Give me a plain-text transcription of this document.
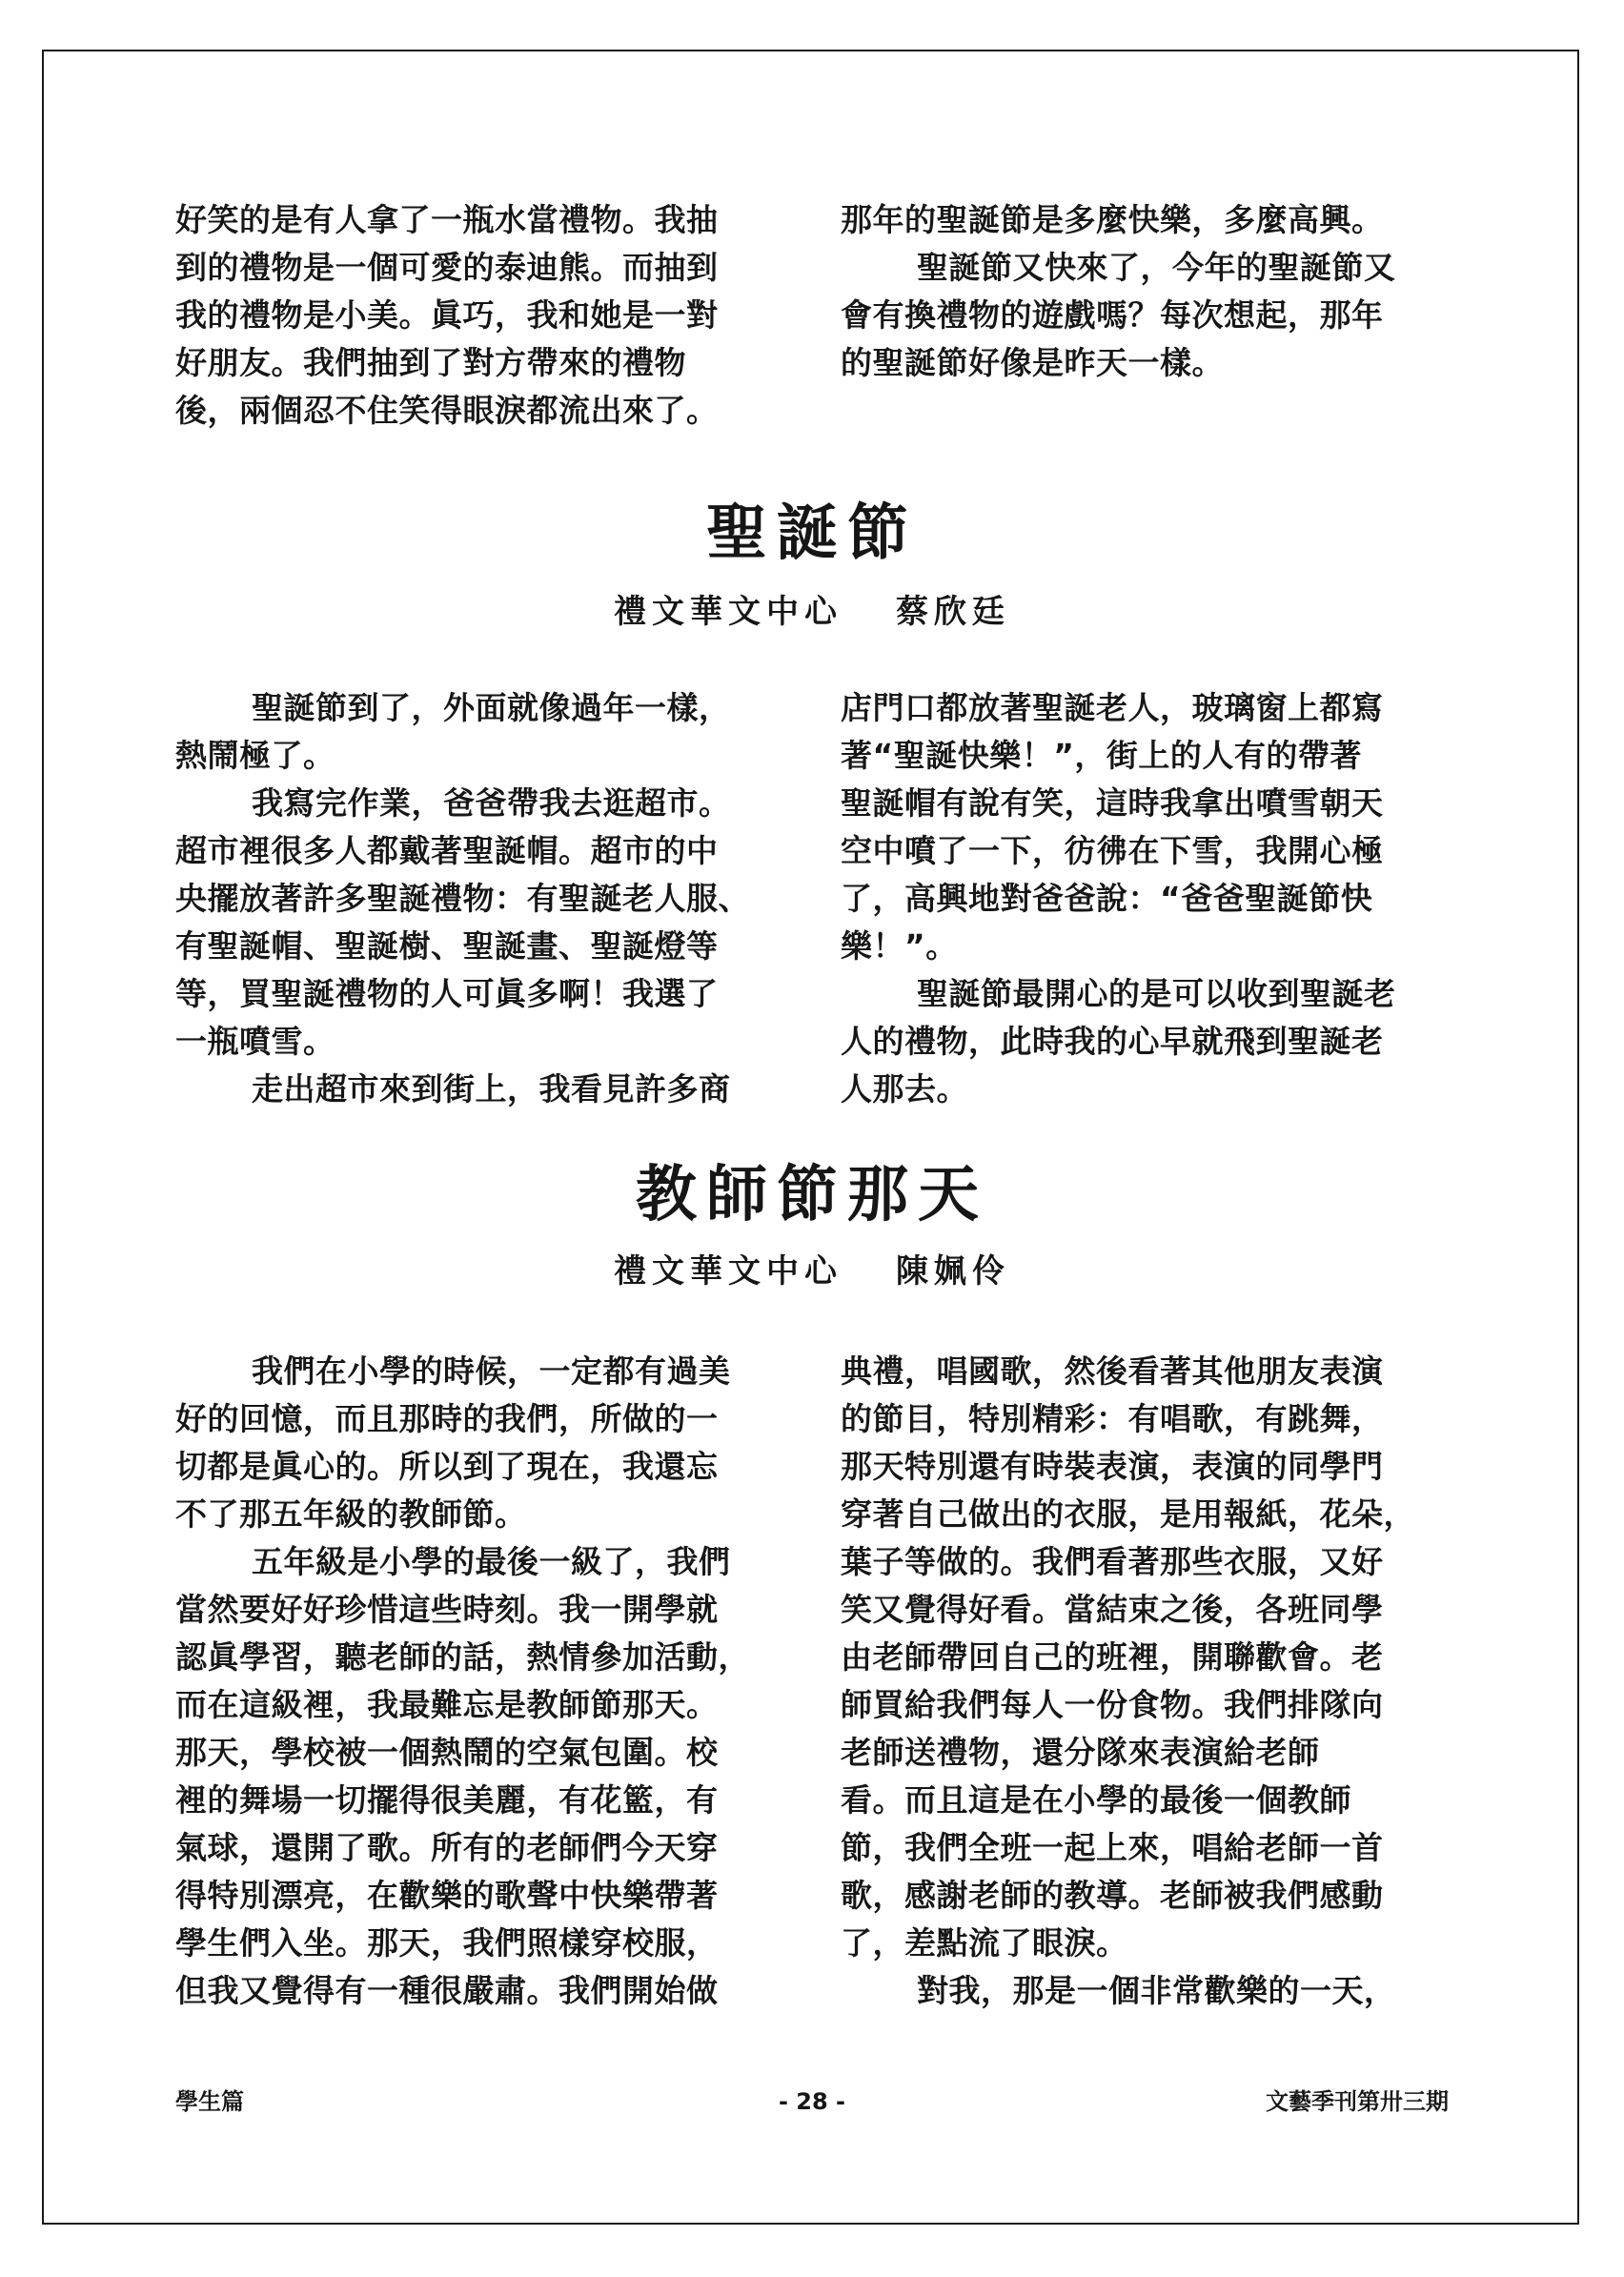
好笑的是有人拿了一瓶水當禮物。我抽
到的禮物是一個可愛的泰迪熊。而抽到
我的禮物是小美。眞巧，我和她是一對
好朋友。我們抽到了對方帶來的禮物
後，兩個忍不住笑得眼淚都流出來了。
那年的聖誕節是多麼快樂，多麼高興。
聖誕節又快來了，今年的聖誕節又
會有換禮物的遊戲嗎？每次想起，那年
的聖誕節好像是昨天一樣。
聖誕節
禮文華文中心 蔡欣廷
聖誕節到了，外面就像過年一樣，
熱鬧極了。
我寫完作業，爸爸帶我去逛超市。
超市裡很多人都戴著聖誕帽。超市的中
央擺放著許多聖誕禮物：有聖誕老人服、
有聖誕帽、聖誕樹、聖誕畫、聖誕燈等
等，買聖誕禮物的人可眞多啊！我選了
一瓶噴雪。
走出超市來到街上，我看見許多商
店門口都放著聖誕老人，玻璃窗上都寫
著“聖誕快樂！”，街上的人有的帶著
聖誕帽有說有笑，這時我拿出噴雪朝天
空中噴了一下，彷彿在下雪，我開心極
了，高興地對爸爸說：“爸爸聖誕節快
樂！”。
聖誕節最開心的是可以收到聖誕老
人的禮物，此時我的心早就飛到聖誕老
人那去。
教師節那天
禮文華文中心 陳姵伶
我們在小學的時候，一定都有過美
好的回憶，而且那時的我們，所做的一
切都是眞心的。所以到了現在，我還忘
不了那五年級的教師節。
五年級是小學的最後一級了，我們
當然要好好珍惜這些時刻。我一開學就
認眞學習，聽老師的話，熱情參加活動，
而在這級裡，我最難忘是教師節那天。
那天，學校被一個熱鬧的空氣包圍。校
裡的舞場一切擺得很美麗，有花籃，有
氣球，還開了歌。所有的老師們今天穿
得特別漂亮，在歡樂的歌聲中快樂帶著
學生們入坐。那天，我們照樣穿校服，
但我又覺得有一種很嚴肅。我們開始做
典禮，唱國歌，然後看著其他朋友表演
的節目，特別精彩：有唱歌，有跳舞，
那天特別還有時裝表演，表演的同學門
穿著自己做出的衣服，是用報紙，花朵，
葉子等做的。我們看著那些衣服，又好
笑又覺得好看。當結束之後，各班同學
由老師帶回自己的班裡，開聯歡會。老
師買給我們每人一份食物。我們排隊向
老師送禮物，還分隊來表演給老師
看。而且這是在小學的最後一個教師
節，我們全班一起上來，唱給老師一首
歌，感謝老師的教導。老師被我們感動
了，差點流了眼淚。
對我，那是一個非常歡樂的一天，
學生篇	- 28 -	文藝季刊第卅三期
